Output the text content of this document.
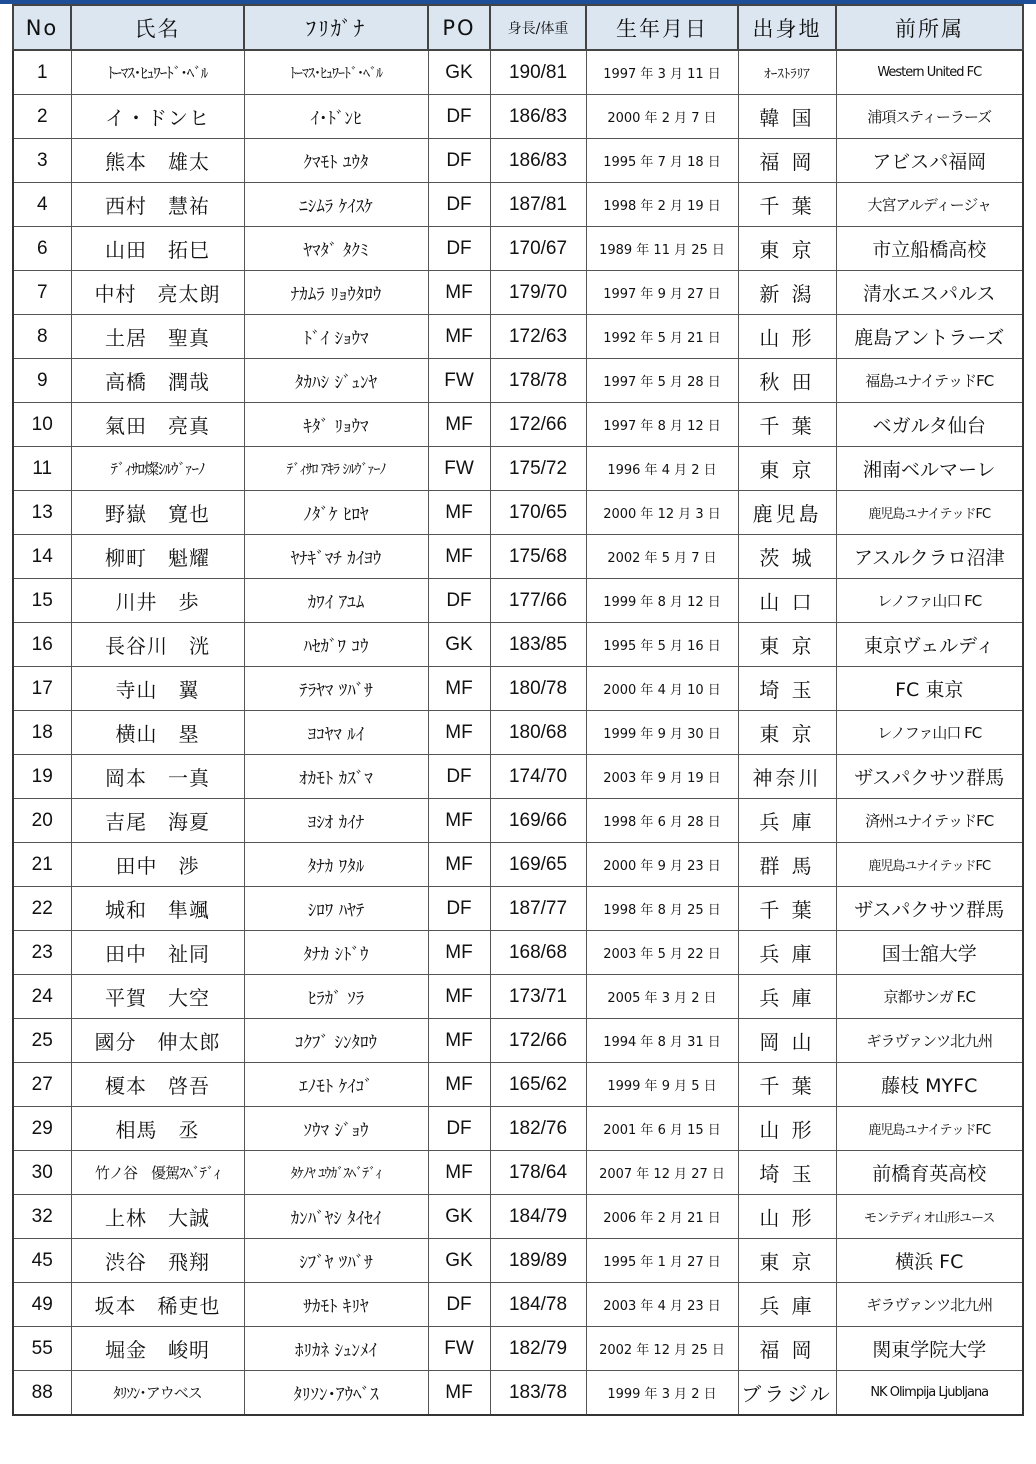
No	氏名	ﾌﾘｶﾞﾅ	PO	身長/体重	生年月日	出身地	前所属
1	ﾄｰﾏｽ･ﾋｭﾜｰﾄﾞ･ﾍﾞﾙ	ﾄｰﾏｽ･ﾋｭﾜｰﾄﾞ･ﾍﾞﾙ	GK	190/81	1997 年 3 月 11 日	ｵｰｽﾄﾗﾘｱ	Western United FC
2	イ・ドンヒ	ｲ･ﾄﾞﾝﾋ	DF	186/83	2000 年 2 月 7 日	韓 国	浦項スティーラーズ
3	熊本　雄太	ｸﾏﾓﾄ ﾕｳﾀ	DF	186/83	1995 年 7 月 18 日	福 岡	アビスパ福岡
4	西村　慧祐	ﾆｼﾑﾗ ｹｲｽｹ	DF	187/81	1998 年 2 月 19 日	千 葉	大宮アルディージャ
6	山田　拓巳	ﾔﾏﾀﾞ ﾀｸﾐ	DF	170/67	1989 年 11 月 25 日	東 京	市立船橋高校
7	中村　亮太朗	ﾅｶﾑﾗ ﾘｮｳﾀﾛｳ	MF	179/70	1997 年 9 月 27 日	新 潟	清水エスパルス
8	土居　聖真	ﾄﾞｲ ｼｮｳﾏ	MF	172/63	1992 年 5 月 21 日	山 形	鹿島アントラーズ
9	高橋　潤哉	ﾀｶﾊｼ ｼﾞｭﾝﾔ	FW	178/78	1997 年 5 月 28 日	秋 田	福島ユナイテッドFC
10	氣田　亮真	ｷﾀﾞ ﾘｮｳﾏ	MF	172/66	1997 年 8 月 12 日	千 葉	ベガルタ仙台
11	ﾃﾞｨｻﾛ燦ｼﾙｳﾞｧｰﾉ	ﾃﾞｨｻﾛ ｱｷﾗ ｼﾙｳﾞｧｰﾉ	FW	175/72	1996 年 4 月 2 日	東 京	湘南ベルマーレ
13	野嶽　寛也	ﾉﾀﾞｹ ﾋﾛﾔ	MF	170/65	2000 年 12 月 3 日	鹿児島	鹿児島ユナイテッドFC
14	柳町　魁耀	ﾔﾅｷﾞﾏﾁ ｶｲﾖｳ	MF	175/68	2002 年 5 月 7 日	茨 城	アスルクラロ沼津
15	川井　歩	ｶﾜｲ ｱﾕﾑ	DF	177/66	1999 年 8 月 12 日	山 口	レノファ山口 FC
16	長谷川　洸	ﾊｾｶﾞﾜ ｺｳ	GK	183/85	1995 年 5 月 16 日	東 京	東京ヴェルディ
17	寺山　翼	ﾃﾗﾔﾏ ﾂﾊﾞｻ	MF	180/78	2000 年 4 月 10 日	埼 玉	FC 東京
18	横山　塁	ﾖｺﾔﾏ ﾙｲ	MF	180/68	1999 年 9 月 30 日	東 京	レノファ山口 FC
19	岡本　一真	ｵｶﾓﾄ ｶｽﾞﾏ	DF	174/70	2003 年 9 月 19 日	神奈川	ザスパクサツ群馬
20	吉尾　海夏	ﾖｼｵ ｶｲﾅ	MF	169/66	1998 年 6 月 28 日	兵 庫	済州ユナイテッドFC
21	田中　渉	ﾀﾅｶ ﾜﾀﾙ	MF	169/65	2000 年 9 月 23 日	群 馬	鹿児島ユナイテッドFC
22	城和　隼颯	ｼﾛﾜ ﾊﾔﾃ	DF	187/77	1998 年 8 月 25 日	千 葉	ザスパクサツ群馬
23	田中　祉同	ﾀﾅｶ ｼﾄﾞｳ	MF	168/68	2003 年 5 月 22 日	兵 庫	国士舘大学
24	平賀　大空	ﾋﾗｶﾞ ｿﾗ	MF	173/71	2005 年 3 月 2 日	兵 庫	京都サンガ F.C
25	國分　伸太郎	ｺｸﾌﾞ ｼﾝﾀﾛｳ	MF	172/66	1994 年 8 月 31 日	岡 山	ギラヴァンツ北九州
27	榎本　啓吾	ｴﾉﾓﾄ ｹｲｺﾞ	MF	165/62	1999 年 9 月 5 日	千 葉	藤枝 MYFC
29	相馬　丞	ｿｳﾏ ｼﾞｮｳ	DF	182/76	2001 年 6 月 15 日	山 形	鹿児島ユナイテッドFC
30	竹ノ谷　優駕ｽﾍﾞﾃﾞｨ	ﾀｹﾉﾔ ﾕｳｶﾞｽﾍﾞﾃﾞｨ	MF	178/64	2007 年 12 月 27 日	埼 玉	前橋育英高校
32	上林　大誠	ｶﾝﾊﾞﾔｼ ﾀｲｾｲ	GK	184/79	2006 年 2 月 21 日	山 形	モンテディオ山形ユース
45	渋谷　飛翔	ｼﾌﾞﾔ ﾂﾊﾞｻ	GK	189/89	1995 年 1 月 27 日	東 京	横浜 FC
49	坂本　稀吏也	ｻｶﾓﾄ ｷﾘﾔ	DF	184/78	2003 年 4 月 23 日	兵 庫	ギラヴァンツ北九州
55	堀金　峻明	ﾎﾘｶﾈ ｼｭﾝﾒｲ	FW	182/79	2002 年 12 月 25 日	福 岡	関東学院大学
88	ﾀﾘｿﾝ･アウベス	ﾀﾘｿﾝ･ｱｳﾍﾞｽ	MF	183/78	1999 年 3 月 2 日	ブラジル	NK Olimpija Ljubljana
